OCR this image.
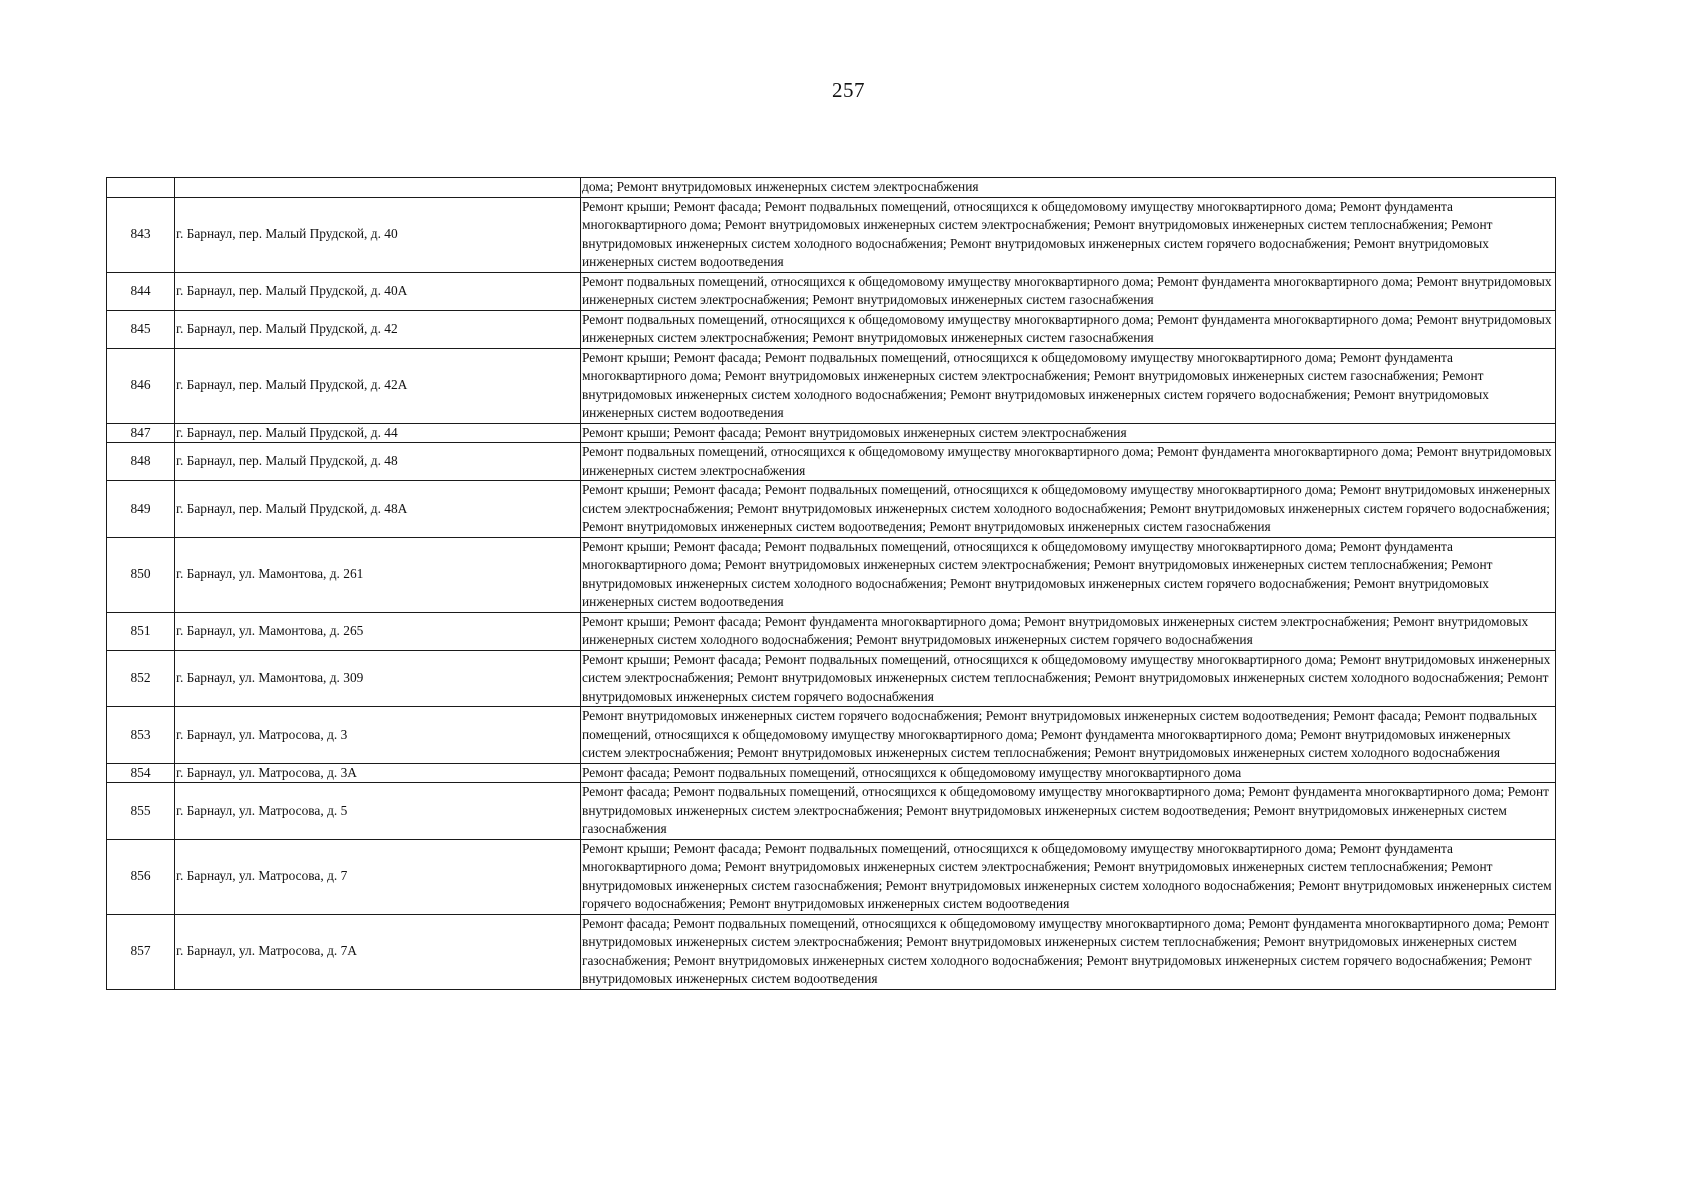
257
		дома; Ремонт внутридомовых инженерных систем электроснабжения
843	г. Барнаул, пер. Малый Прудской, д. 40	Ремонт крыши; Ремонт фасада; Ремонт подвальных помещений, относящихся к общедомовому имуществу многоквартирного дома; Ремонт фундамента многоквартирного дома; Ремонт внутридомовых инженерных систем электроснабжения; Ремонт внутридомовых инженерных систем теплоснабжения; Ремонт внутридомовых инженерных систем холодного водоснабжения; Ремонт внутридомовых инженерных систем горячего водоснабжения; Ремонт внутридомовых инженерных систем водоотведения
844	г. Барнаул, пер. Малый Прудской, д. 40А	Ремонт подвальных помещений, относящихся к общедомовому имуществу многоквартирного дома; Ремонт фундамента многоквартирного дома; Ремонт внутридомовых инженерных систем электроснабжения; Ремонт внутридомовых инженерных систем газоснабжения
845	г. Барнаул, пер. Малый Прудской, д. 42	Ремонт подвальных помещений, относящихся к общедомовому имуществу многоквартирного дома; Ремонт фундамента многоквартирного дома; Ремонт внутридомовых инженерных систем электроснабжения; Ремонт внутридомовых инженерных систем газоснабжения
846	г. Барнаул, пер. Малый Прудской, д. 42А	Ремонт крыши; Ремонт фасада; Ремонт подвальных помещений, относящихся к общедомовому имуществу многоквартирного дома; Ремонт фундамента многоквартирного дома; Ремонт внутридомовых инженерных систем электроснабжения; Ремонт внутридомовых инженерных систем газоснабжения; Ремонт внутридомовых инженерных систем холодного водоснабжения; Ремонт внутридомовых инженерных систем горячего водоснабжения; Ремонт внутридомовых инженерных систем водоотведения
847	г. Барнаул, пер. Малый Прудской, д. 44	Ремонт крыши; Ремонт фасада; Ремонт внутридомовых инженерных систем электроснабжения
848	г. Барнаул, пер. Малый Прудской, д. 48	Ремонт подвальных помещений, относящихся к общедомовому имуществу многоквартирного дома; Ремонт фундамента многоквартирного дома; Ремонт внутридомовых инженерных систем электроснабжения
849	г. Барнаул, пер. Малый Прудской, д. 48А	Ремонт крыши; Ремонт фасада; Ремонт подвальных помещений, относящихся к общедомовому имуществу многоквартирного дома; Ремонт внутридомовых инженерных систем электроснабжения; Ремонт внутридомовых инженерных систем холодного водоснабжения; Ремонт внутридомовых инженерных систем горячего водоснабжения; Ремонт внутридомовых инженерных систем водоотведения; Ремонт внутридомовых инженерных систем газоснабжения
850	г. Барнаул, ул. Мамонтова, д. 261	Ремонт крыши; Ремонт фасада; Ремонт подвальных помещений, относящихся к общедомовому имуществу многоквартирного дома; Ремонт фундамента многоквартирного дома; Ремонт внутридомовых инженерных систем электроснабжения; Ремонт внутридомовых инженерных систем теплоснабжения; Ремонт внутридомовых инженерных систем холодного водоснабжения; Ремонт внутридомовых инженерных систем горячего водоснабжения; Ремонт внутридомовых инженерных систем водоотведения
851	г. Барнаул, ул. Мамонтова, д. 265	Ремонт крыши; Ремонт фасада; Ремонт фундамента многоквартирного дома; Ремонт внутридомовых инженерных систем электроснабжения; Ремонт внутридомовых инженерных систем холодного водоснабжения; Ремонт внутридомовых инженерных систем горячего водоснабжения
852	г. Барнаул, ул. Мамонтова, д. 309	Ремонт крыши; Ремонт фасада; Ремонт подвальных помещений, относящихся к общедомовому имуществу многоквартирного дома; Ремонт внутридомовых инженерных систем электроснабжения; Ремонт внутридомовых инженерных систем теплоснабжения; Ремонт внутридомовых инженерных систем холодного водоснабжения; Ремонт внутридомовых инженерных систем горячего водоснабжения
853	г. Барнаул, ул. Матросова, д. 3	Ремонт внутридомовых инженерных систем горячего водоснабжения; Ремонт внутридомовых инженерных систем водоотведения; Ремонт фасада; Ремонт подвальных помещений, относящихся к общедомовому имуществу многоквартирного дома; Ремонт фундамента многоквартирного дома; Ремонт внутридомовых инженерных систем электроснабжения; Ремонт внутридомовых инженерных систем теплоснабжения; Ремонт внутридомовых инженерных систем холодного водоснабжения
854	г. Барнаул, ул. Матросова, д. 3А	Ремонт фасада; Ремонт подвальных помещений, относящихся к общедомовому имуществу многоквартирного дома
855	г. Барнаул, ул. Матросова, д. 5	Ремонт фасада; Ремонт подвальных помещений, относящихся к общедомовому имуществу многоквартирного дома; Ремонт фундамента многоквартирного дома; Ремонт внутридомовых инженерных систем электроснабжения; Ремонт внутридомовых инженерных систем водоотведения; Ремонт внутридомовых инженерных систем газоснабжения
856	г. Барнаул, ул. Матросова, д. 7	Ремонт крыши; Ремонт фасада; Ремонт подвальных помещений, относящихся к общедомовому имуществу многоквартирного дома; Ремонт фундамента многоквартирного дома; Ремонт внутридомовых инженерных систем электроснабжения; Ремонт внутридомовых инженерных систем теплоснабжения; Ремонт внутридомовых инженерных систем газоснабжения; Ремонт внутридомовых инженерных систем холодного водоснабжения; Ремонт внутридомовых инженерных систем горячего водоснабжения; Ремонт внутридомовых инженерных систем водоотведения
857	г. Барнаул, ул. Матросова, д. 7А	Ремонт фасада; Ремонт подвальных помещений, относящихся к общедомовому имуществу многоквартирного дома; Ремонт фундамента многоквартирного дома; Ремонт внутридомовых инженерных систем электроснабжения; Ремонт внутридомовых инженерных систем теплоснабжения; Ремонт внутридомовых инженерных систем газоснабжения; Ремонт внутридомовых инженерных систем холодного водоснабжения; Ремонт внутридомовых инженерных систем горячего водоснабжения; Ремонт внутридомовых инженерных систем водоотведения
